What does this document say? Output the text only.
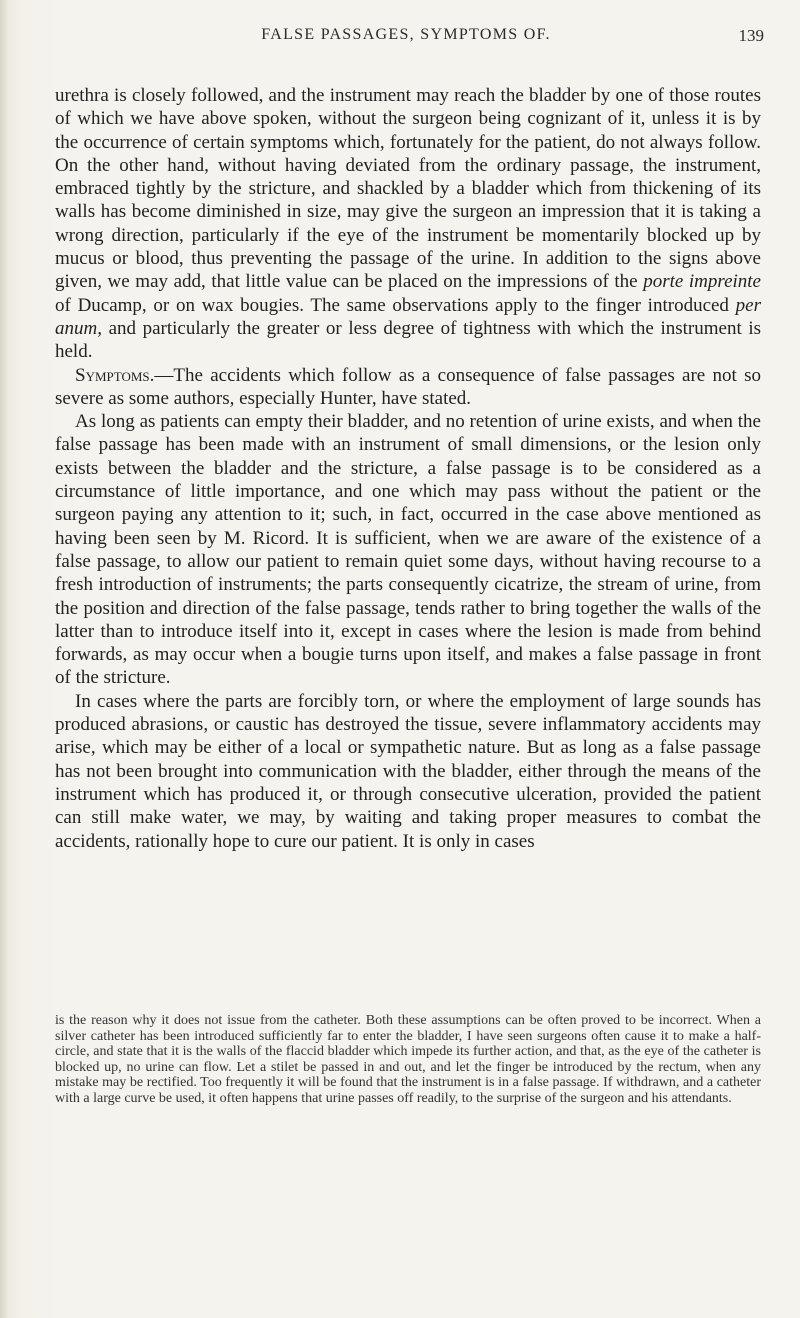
FALSE PASSAGES, SYMPTOMS OF.	139

urethra is closely followed, and the instrument may reach the bladder by one of those routes of which we have above spoken, without the surgeon being cognizant of it, unless it is by the occurrence of certain symptoms which, fortunately for the patient, do not always follow. On the other hand, without having deviated from the ordinary passage, the instrument, embraced tightly by the stricture, and shackled by a bladder which from thickening of its walls has become diminished in size, may give the surgeon an impression that it is taking a wrong direction, particularly if the eye of the instrument be momentarily blocked up by mucus or blood, thus preventing the passage of the urine. In addition to the signs above given, we may add, that little value can be placed on the impressions of the porte impreinte of Ducamp, or on wax bougies. The same observations apply to the finger introduced per anum, and particularly the greater or less degree of tightness with which the instrument is held.

Symptoms.—The accidents which follow as a consequence of false passages are not so severe as some authors, especially Hunter, have stated.

As long as patients can empty their bladder, and no retention of urine exists, and when the false passage has been made with an instrument of small dimensions, or the lesion only exists between the bladder and the stricture, a false passage is to be considered as a circumstance of little importance, and one which may pass without the patient or the surgeon paying any attention to it; such, in fact, occurred in the case above mentioned as having been seen by M. Ricord. It is sufficient, when we are aware of the existence of a false passage, to allow our patient to remain quiet some days, without having recourse to a fresh introduction of instruments; the parts consequently cicatrize, the stream of urine, from the position and direction of the false passage, tends rather to bring together the walls of the latter than to introduce itself into it, except in cases where the lesion is made from behind forwards, as may occur when a bougie turns upon itself, and makes a false passage in front of the stricture.

In cases where the parts are forcibly torn, or where the employment of large sounds has produced abrasions, or caustic has destroyed the tissue, severe inflammatory accidents may arise, which may be either of a local or sympathetic nature. But as long as a false passage has not been brought into communication with the bladder, either through the means of the instrument which has produced it, or through consecutive ulceration, provided the patient can still make water, we may, by waiting and taking proper measures to combat the accidents, rationally hope to cure our patient. It is only in cases

is the reason why it does not issue from the catheter. Both these assumptions can be often proved to be incorrect. When a silver catheter has been introduced sufficiently far to enter the bladder, I have seen surgeons often cause it to make a half-circle, and state that it is the walls of the flaccid bladder which impede its further action, and that, as the eye of the catheter is blocked up, no urine can flow. Let a stilet be passed in and out, and let the finger be introduced by the rectum, when any mistake may be rectified. Too frequently it will be found that the instrument is in a false passage. If withdrawn, and a catheter with a large curve be used, it often happens that urine passes off readily, to the surprise of the surgeon and his attendants.
